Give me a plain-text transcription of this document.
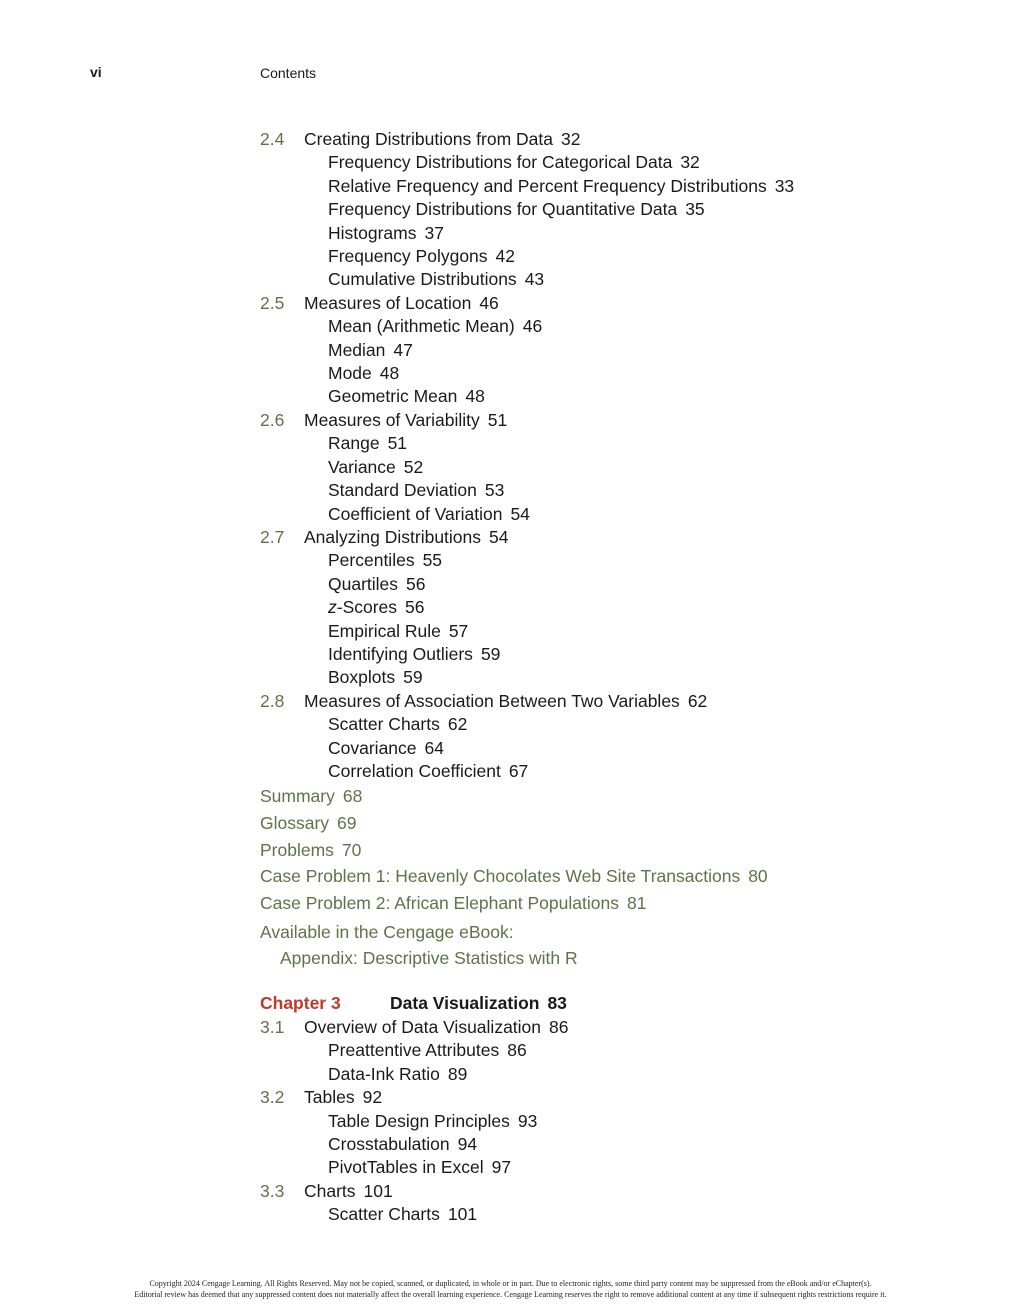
vi	Contents
2.4	Creating Distributions from Data 32
Frequency Distributions for Categorical Data 32
Relative Frequency and Percent Frequency Distributions 33
Frequency Distributions for Quantitative Data 35
Histograms 37
Frequency Polygons 42
Cumulative Distributions 43
2.5	Measures of Location 46
Mean (Arithmetic Mean) 46
Median 47
Mode 48
Geometric Mean 48
2.6	Measures of Variability 51
Range 51
Variance 52
Standard Deviation 53
Coefficient of Variation 54
2.7	Analyzing Distributions 54
Percentiles 55
Quartiles 56
z-Scores 56
Empirical Rule 57
Identifying Outliers 59
Boxplots 59
2.8	Measures of Association Between Two Variables 62
Scatter Charts 62
Covariance 64
Correlation Coefficient 67
Summary 68
Glossary 69
Problems 70
Case Problem 1: Heavenly Chocolates Web Site Transactions 80
Case Problem 2: African Elephant Populations 81
Available in the Cengage eBook:
Appendix: Descriptive Statistics with R
Chapter 3	Data Visualization 83
3.1	Overview of Data Visualization 86
Preattentive Attributes 86
Data-Ink Ratio 89
3.2	Tables 92
Table Design Principles 93
Crosstabulation 94
PivotTables in Excel 97
3.3	Charts 101
Scatter Charts 101
Copyright 2024 Cengage Learning. All Rights Reserved. May not be copied, scanned, or duplicated, in whole or in part. Due to electronic rights, some third party content may be suppressed from the eBook and/or eChapter(s).
Editorial review has deemed that any suppressed content does not materially affect the overall learning experience. Cengage Learning reserves the right to remove additional content at any time if subsequent rights restrictions require it.
